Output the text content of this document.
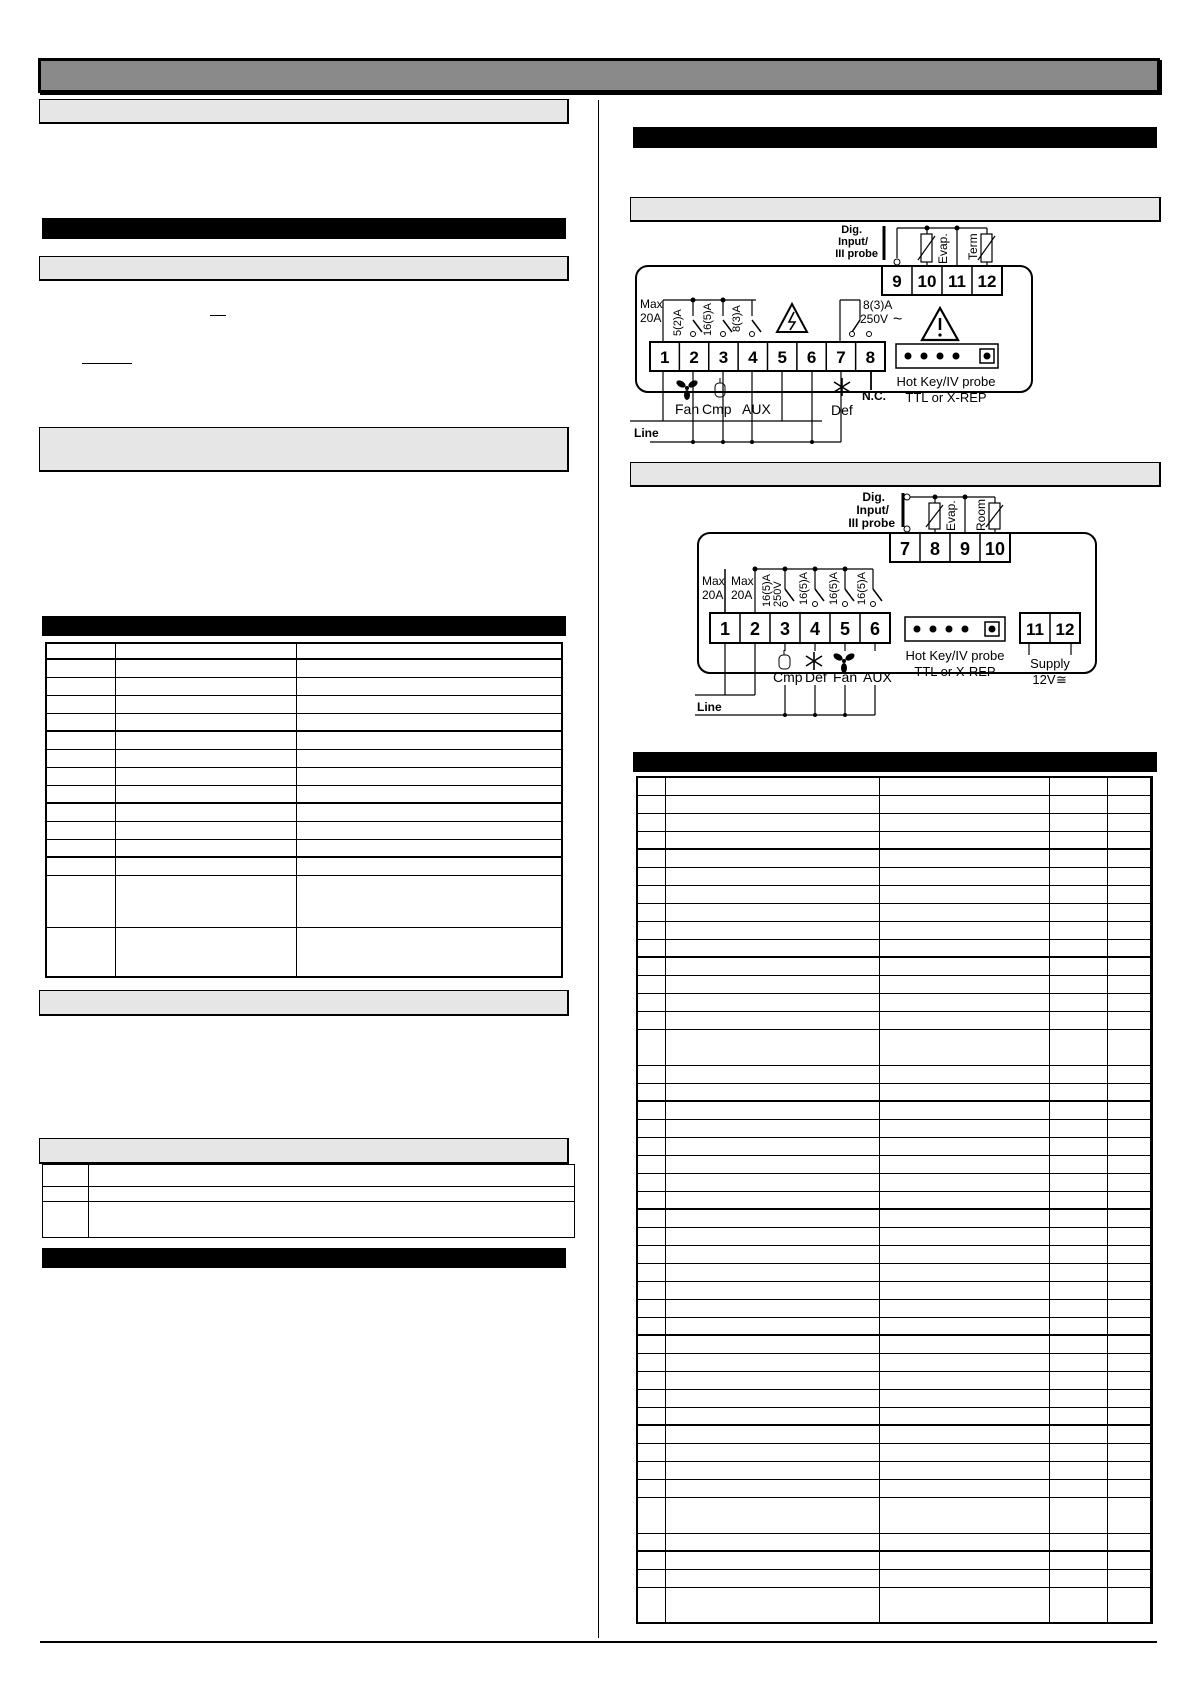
9 10 11 12
Dig.
Input/
III probe	Evap. Term
Max
20A 5(2)A 16(5)A 8(3)A
8(3)A
250V ~
1 2 3 4 5 6 7 8
Hot Key/IV probe
TTL or X-REP
Line
Fan Cmp AUX	Def
N.C.
7 8 9 10
Dig.
Input/
III probe	Evap. Room
Max
20A
Max
20A 16(5)A 250V 16(5)A 16(5)A 16(5)A
1 2 3 4 5 6
Hot Key/IV probe
TTL or X-REP
11 12
Supply
12V ≅
Line
Cmp Def Fan AUX
